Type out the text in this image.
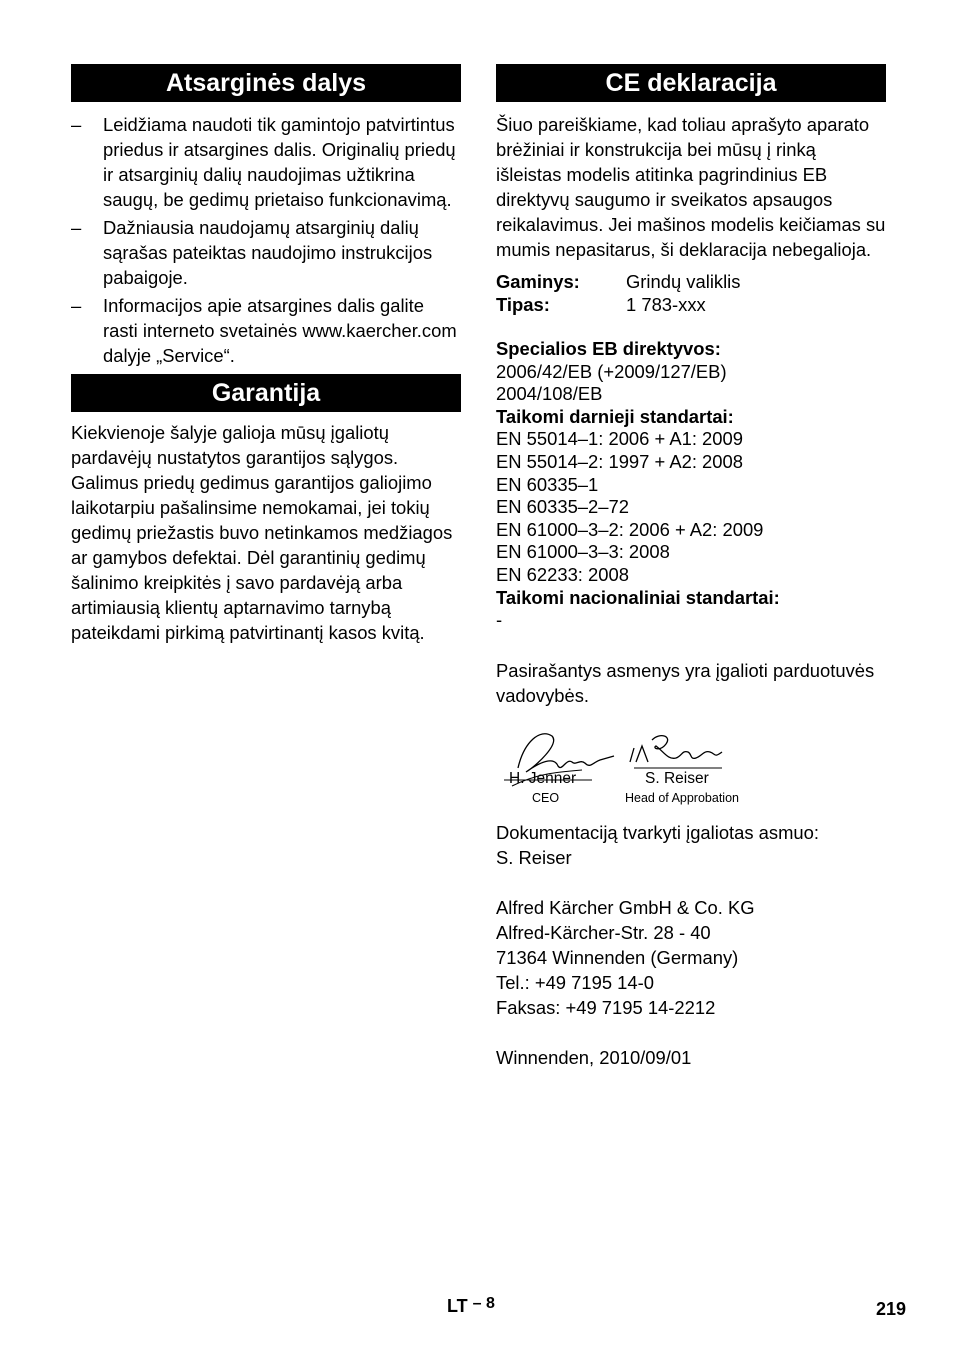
Atsarginės dalys
– Leidžiama naudoti tik gamintojo patvirtintus priedus ir atsargines dalis. Originalių priedų ir atsarginių dalių naudojimas užtikrina saugų, be gedimų prietaiso funkcionavimą.
– Dažniausia naudojamų atsarginių dalių sąrašas pateiktas naudojimo instrukcijos pabaigoje.
– Informacijos apie atsargines dalis galite rasti interneto svetainės www.kaercher.com dalyje „Service“.
Garantija

Kiekvienoje šalyje galioja mūsų įgaliotų pardavėjų nustatytos garantijos sąlygos. Galimus priedų gedimus garantijos galiojimo laikotarpiu pašalinsime nemokamai, jei tokių gedimų priežastis buvo netinkamos medžiagos ar gamybos defektai. Dėl garantinių gedimų šalinimo kreipkitės į savo pardavėją arba artimiausią klientų aptarnavimo tarnybą pateikdami pirkimą patvirtinantį kasos kvitą.

CE deklaracija

Šiuo pareiškiame, kad toliau aprašyto aparato brėžiniai ir konstrukcija bei mūsų į rinką išleistas modelis atitinka pagrindinius EB direktyvų saugumo ir sveikatos apsaugos reikalavimus. Jei mašinos modelis keičiamas su mumis nepasitarus, ši deklaracija nebegalioja.

Gaminys:	Grindų valiklis
Tipas:	1 783-xxx
Specialios EB direktyvos:
2006/42/EB (+2009/127/EB)
2004/108/EB
Taikomi darnieji standartai:
EN 55014–1: 2006 + A1: 2009
EN 55014–2: 1997 + A2: 2008
EN 60335–1
EN 60335–2–72
EN 61000–3–2: 2006 + A2: 2009
EN 61000–3–3: 2008
EN 62233: 2008
Taikomi nacionaliniai standartai:
-

Pasirašantys asmenys yra įgalioti parduotuvės vadovybės.

H. Jenner
CEO
S. Reiser
Head of Approbation
Dokumentaciją tvarkyti įgaliotas asmuo:
S. Reiser
Alfred Kärcher GmbH & Co. KG
Alfred-Kärcher-Str. 28 - 40
71364 Winnenden (Germany)
Tel.: +49 7195 14-0
Faksas: +49 7195 14-2212
Winnenden, 2010/09/01
LT – 8	219
